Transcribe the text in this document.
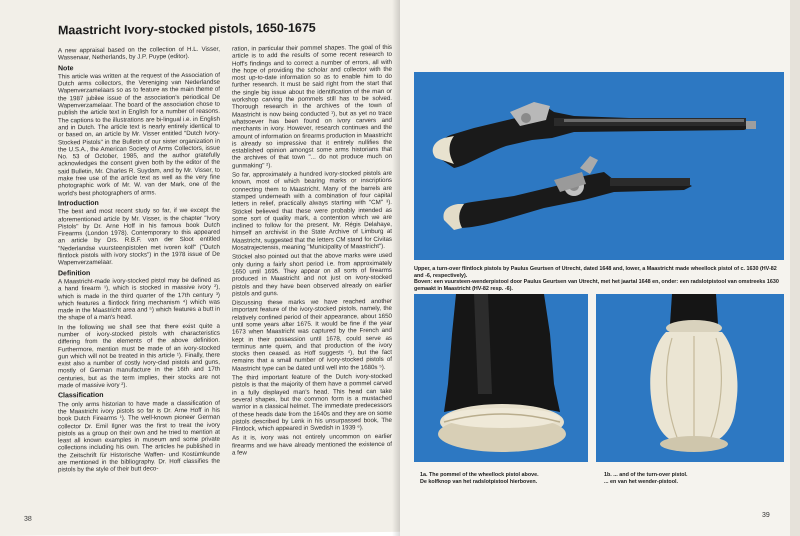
Maastricht Ivory-stocked pistols, 1650-1675

A new appraisal based on the collection of H.L. Visser, Wassenaar, Netherlands, by J.P. Puype (editor).

Note

This article was written at the request of the Association of Dutch arms collectors, the Vereniging van Nederlandse Wapenverzamelaars so as to feature as the main theme of the 1987 jubilee issue of the association's periodical De Wapenverzamelaar. The board of the association chose to publish the article text in English for a number of reasons. The captions to the illustrations are bi-lingual i.e. in English and in Dutch. The article text is nearly entirely identical to or based on, an article by Mr. Visser entitled "Dutch Ivory-Stocked Pistols" in the Bulletin of our sister organization in the U.S.A., the American Society of Arms Collectors, issue No. 53 of October, 1985, and the author gratefully acknowledges the consent given both by the editor of the said Bulletin, Mr. Charles R. Suydam, and by Mr. Visser, to make free use of the article text as well as the very fine photographic work of Mr. W. van der Mark, one of the world's best photographers of arms.

Introduction

The best and most recent study so far, if we except the aforementioned article by Mr. Visser, is the chapter "Ivory Pistols" by Dr. Arne Hoff in his famous book Dutch Firearms (London 1978). Contemporary to this appeared an article by Drs. R.B.F. van der Sloot entitled "Nederlandse vuursteenpistolen met ivoren kolf" ("Dutch flintlock pistols with ivory stocks") in the 1978 issue of De Wapenverzamelaar.

Definition

A Maastricht-made ivory-stocked pistol may be defined as a hand firearm ¹), which is stocked in massive ivory ²), which is made in the third quarter of the 17th century ³) which features a flintlock firing mechanism ⁴) which was made in the Maastricht area and ⁵) which features a butt in the shape of a man's head.

In the following we shall see that there exist quite a number of ivory-stocked pistols with characteristics differing from the elements of the above definition. Furthermore, mention must be made of an ivory-stocked gun which will not be treated in this article ¹). Finally, there exist also a number of costly ivory-clad pistols and guns, mostly of German manufacture in the 16th and 17th centuries, but as the term implies, their stocks are not made of massive ivory ²).

Classification

The only arms historian to have made a classification of the Maastricht ivory pistols so far is Dr. Arne Hoff in his book Dutch Firearms ¹). The well-known pioneer German collector Dr. Emil Ilgner was the first to treat the ivory pistols as a group on their own and he tried to mention at least all known examples in museum and some private collections including his own. The articles he published in the Zeitschrift für Historische Waffen- und Kostümkunde are mentioned in the bibliography. Dr. Hoff classifies the pistols by the style of their butt deco-

ration, in particular their pommel shapes. The goal of this article is to add the results of some recent research to Hoff's findings and to correct a number of errors, all with the hope of providing the scholar and collector with the most up-to-date information so as to enable him to do further research. It must be said right from the start that the single big issue about the identification of the man or workshop carving the pommels still has to be solved. Thorough research in the archives of the town of Maastricht is now being conducted ¹), but as yet no trace whatsoever has been found on ivory carvers and merchants in ivory. However, research continues and the amount of information on firearms production in Maastricht is already so impressive that it entirely nullifies the established opinion amongst some arms historians that the archives of that town "... do not produce much on gunmaking" ²).

So far, approximately a hundred ivory-stocked pistols are known, most of which bearing marks or inscriptions connecting them to Maastricht. Many of the barrels are stamped underneath with a combination of four capital letters in relief, practically always starting with "CM" ³). Stöckel believed that these were probably intended as some sort of quality mark, a contention which we are inclined to follow for the present. Mr. Régis Delahaye, himself an archivist in the State Archive of Limburg at Maastricht, suggested that the letters CM stand for Civitas Mosatrajectensis, meaning "Municipality of Maastricht").

Stöckel also pointed out that the above marks were used only during a fairly short period i.e. from approximately 1650 until 1695. They appear on all sorts of firearms produced in Maastricht and not just on ivory-stocked pistols and they have been observed already on earlier pistols and guns.

Discussing these marks we have reached another important feature of the ivory-stocked pistols, namely, the relatively confined period of their appearance, about 1650 until some years after 1675. It would be fine if the year 1673 when Maastricht was captured by the French and kept in their possession until 1678, could serve as terminus ante quem, and that production of the ivory stocks then ceased. as Hoff suggests ⁴), but the fact remains that a small number of ivory-stocked pistols of Maastricht type can be dated until well into the 1680s ⁵).

The third important feature of the Dutch ivory-stocked pistols is that the majority of them have a pommel carved in a fully displayed man's head. This head can take several shapes, but the common form is a mustached warrior in a classical helmet. The immediate predecessors of these heads date from the 1640s and they are on some pistols described by Lenk in his unsurpassed book, The Flintlock, which appeared in Swedish in 1939 ⁶).

As it is, ivory was not entirely uncommon on earlier firearms and we have already mentioned the existence of a few

38
Upper, a turn-over flintlock pistols by Paulus Geurtsen of Utrecht, dated 1648 and, lower, a Maastricht made wheellock pistol of c. 1630 (HV-82 and -6, respectively).
Boven: een vuursteen-wenderpistool door Paulus Geurtsen van Utrecht, met het jaartal 1648 en, onder: een radslotpistool van omstreeks 1630 gemaakt in Maastricht (HV-82 resp. -6).
1a. The pommel of the wheellock pistol above.
De kolfknop van het radslotpistool hierboven.
1b. ... and of the turn-over pistol.
... en van het wender-pistool.
39
